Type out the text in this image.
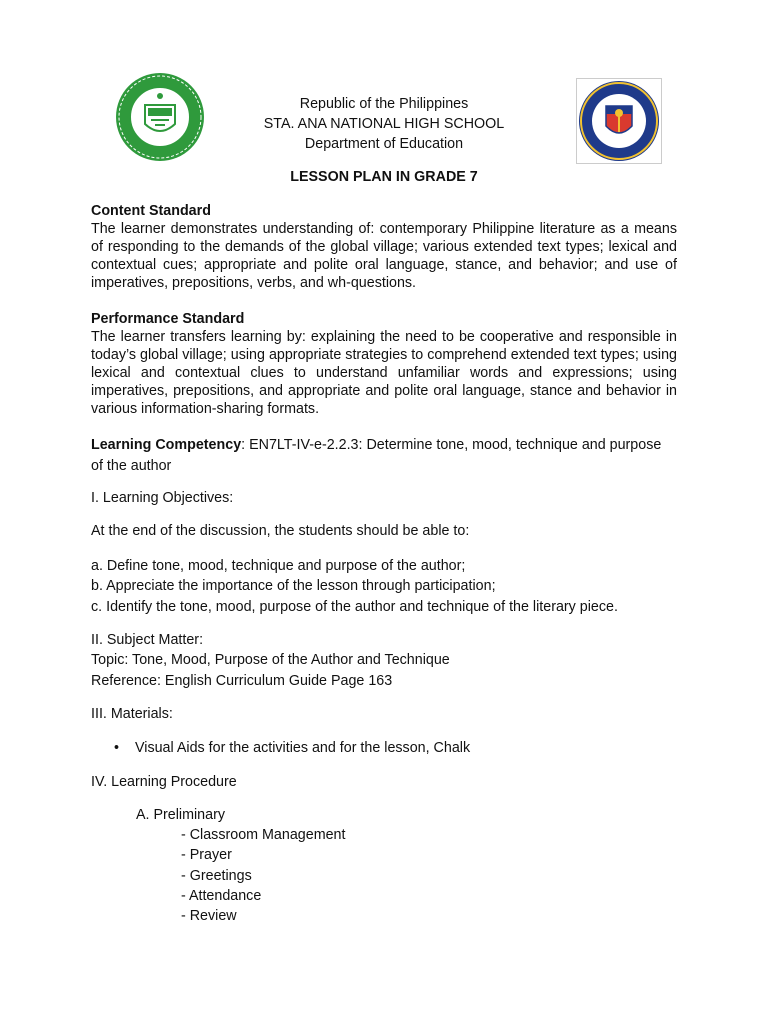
Republic of the Philippines
STA. ANA NATIONAL HIGH SCHOOL
Department of Education
LESSON PLAN IN GRADE 7
Content Standard
The learner demonstrates understanding of: contemporary Philippine literature as a means of responding to the demands of the global village; various extended text types; lexical and contextual cues; appropriate and polite oral language, stance, and behavior; and use of imperatives, prepositions, verbs, and wh-questions.
Performance Standard
The learner transfers learning by: explaining the need to be cooperative and responsible in today’s global village; using appropriate strategies to comprehend extended text types; using lexical and contextual clues to understand unfamiliar words and expressions; using imperatives, prepositions, and appropriate and polite oral language, stance and behavior in various information-sharing formats.
Learning Competency: EN7LT-IV-e-2.2.3: Determine tone, mood, technique and purpose of the author
I. Learning Objectives:
At the end of the discussion, the students should be able to:
a. Define tone, mood, technique and purpose of the author;
b. Appreciate the importance of the lesson through participation;
c. Identify the tone, mood, purpose of the author and technique of the literary piece.
II. Subject Matter:
Topic: Tone, Mood, Purpose of the Author and Technique
Reference: English Curriculum Guide Page 163
III. Materials:
• Visual Aids for the activities and for the lesson, Chalk
IV. Learning Procedure
A. Preliminary
- Classroom Management
- Prayer
- Greetings
- Attendance
- Review
